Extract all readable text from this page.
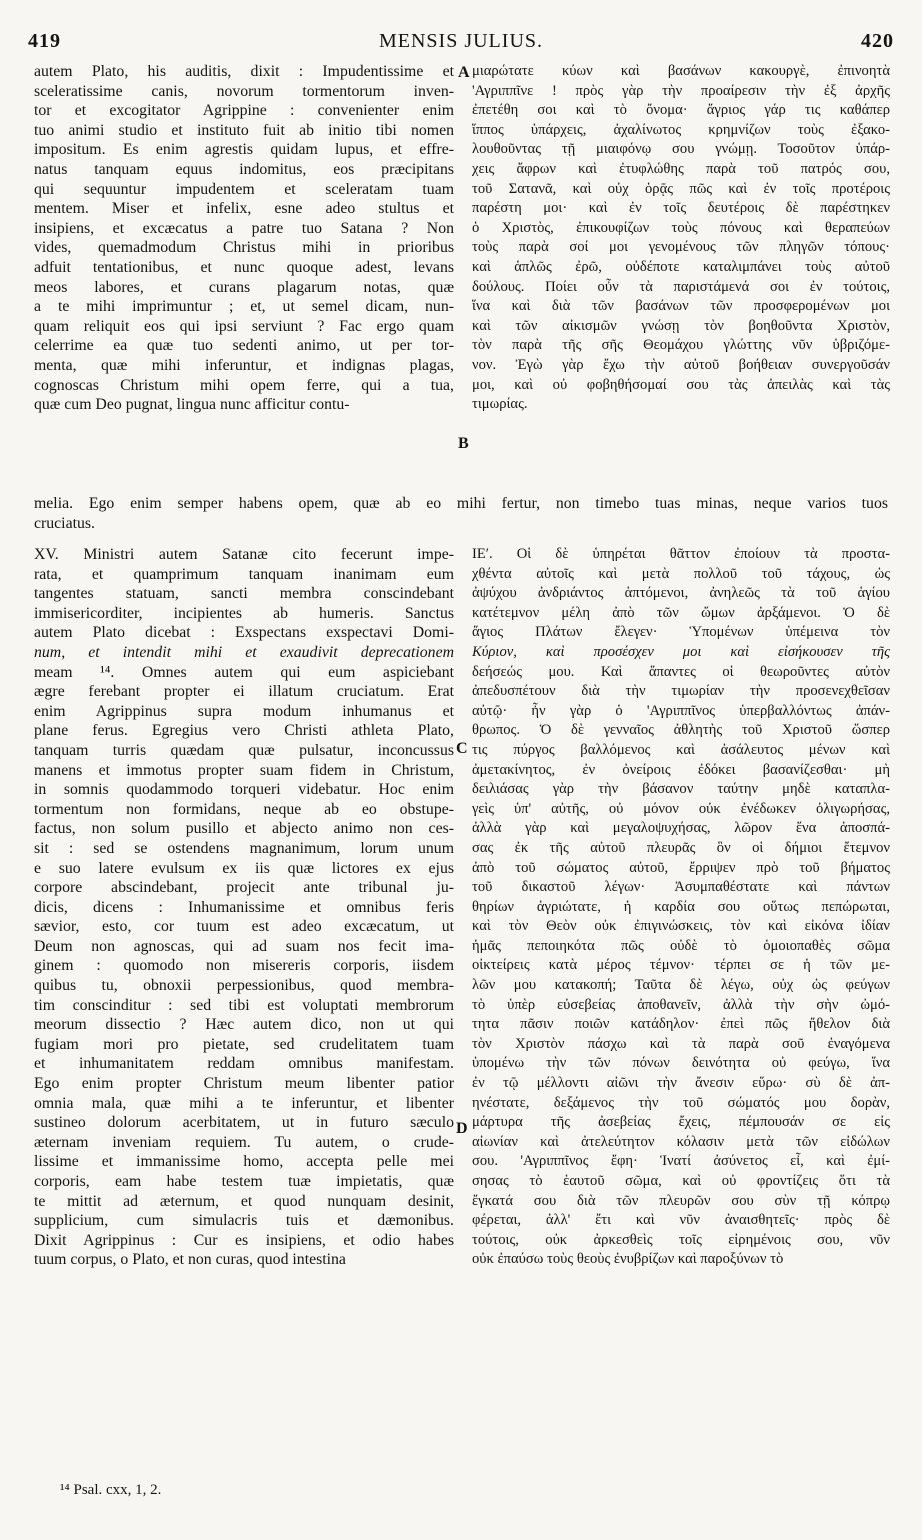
419	MENSIS JULIUS.	420
autem Plato, his auditis, dixit : Impudentissime et
sceleratissime canis, novorum tormentorum inven-
tor et excogitator Agrippine : convenienter enim
tuo animi studio et instituto fuit ab initio tibi nomen
impositum. Es enim agrestis quidam lupus, et effre-
natus tanquam equus indomitus, eos præcipitans
qui sequuntur impudentem et sceleratam tuam
mentem. Miser et infelix, esne adeo stultus et
insipiens, et excæcatus a patre tuo Satana ? Non
vides, quemadmodum Christus mihi in prioribus
adfuit tentationibus, et nunc quoque adest, levans
meos labores, et curans plagarum notas, quæ
a te mihi imprimuntur ; et, ut semel dicam, nun-
quam reliquit eos qui ipsi serviunt ? Fac ergo quam
celerrime ea quæ tuo sedenti animo, ut per tor-
menta, quæ mihi inferuntur, et indignas plagas,
cognoscas Christum mihi opem ferre, qui a tua,
quæ cum Deo pugnat, lingua nunc afficitur contu-
μιαρώτατε κύων καὶ βασάνων κακουργὲ, ἐπινοητὰ
'Αγριππῖνε ! πρὸς γὰρ τὴν προαίρεσιν τὴν ἐξ ἀρχῆς
ἐπετέθη σοι καὶ τὸ ὄνομα· ἄγριος γάρ τις καθάπερ
ἵππος ὑπάρχεις, ἀχαλίνωτος κρημνίζων τοὺς ἐξακο-
λουθοῦντας τῇ μιαιφόνῳ σου γνώμῃ. Τοσοῦτον ὑπάρ-
χεις ἄφρων καὶ ἐτυφλώθης παρὰ τοῦ πατρός σου,
τοῦ Σατανᾶ, καὶ οὐχ ὁρᾷς πῶς καὶ ἐν τοῖς προτέροις
παρέστη μοι· καὶ ἐν τοῖς δευτέροις δὲ παρέστηκεν
ὁ Χριστὸς, ἐπικουφίζων τοὺς πόνους καὶ θεραπεύων
τοὺς παρὰ σοί μοι γενομένους τῶν πληγῶν τόπους·
καὶ ἁπλῶς ἐρῶ, οὐδέποτε καταλιμπάνει τοὺς αὐτοῦ
δούλους. Ποίει οὖν τὰ παριστάμενά σοι ἐν τούτοις,
ἵνα καὶ διὰ τῶν βασάνων τῶν προσφερομένων μοι
καὶ τῶν αἰκισμῶν γνώσῃ τὸν βοηθοῦντα Χριστὸν,
τὸν παρὰ τῆς σῆς Θεομάχου γλώττης νῦν ὑβριζόμε-
νον. Ἐγὼ γὰρ ἔχω τὴν αὐτοῦ βοήθειαν συνεργοῦσάν
μοι, καὶ οὐ φοβηθήσομαί σου τὰς ἀπειλὰς καὶ τὰς
τιμωρίας.
melia. Ego enim semper habens opem, quæ ab eo mihi fertur, non timebo tuas minas, neque varios tuos
cruciatus.
XV. Ministri autem Satanæ cito fecerunt impe-
rata, et quamprimum tanquam inanimam eum
tangentes statuam, sancti membra conscindebant
immisericorditer, incipientes ab humeris. Sanctus
autem Plato dicebat : Exspectans exspectavi Domi-
num, et intendit mihi et exaudivit deprecationem
meam ¹⁴. Omnes autem qui eum aspiciebant
ægre ferebant propter ei illatum cruciatum. Erat
enim Agrippinus supra modum inhumanus et
plane ferus. Egregius vero Christi athleta Plato,
tanquam turris quædam quæ pulsatur, inconcussus
manens et immotus propter suam fidem in Christum,
in somnis quodammodo torqueri videbatur. Hoc enim
tormentum non formidans, neque ab eo obstupe-
factus, non solum pusillo et abjecto animo non ces-
sit : sed se ostendens magnanimum, lorum unum
e suo latere evulsum ex iis quæ lictores ex ejus
corpore abscindebant, projecit ante tribunal ju-
dicis, dicens : Inhumanissime et omnibus feris
sævior, esto, cor tuum est adeo excæcatum, ut
Deum non agnoscas, qui ad suam nos fecit ima-
ginem : quomodo non misereris corporis, iisdem
quibus tu, obnoxii perpessionibus, quod membra-
tim conscinditur : sed tibi est voluptati membrorum
meorum dissectio ? Hæc autem dico, non ut qui
fugiam mori pro pietate, sed crudelitatem tuam
et inhumanitatem reddam omnibus manifestam.
Ego enim propter Christum meum libenter patior
omnia mala, quæ mihi a te inferuntur, et libenter
sustineo dolorum acerbitatem, ut in futuro sæculo
æternam inveniam requiem. Tu autem, o crude-
lissime et immanissime homo, accepta pelle mei
corporis, eam habe testem tuæ impietatis, quæ
te mittit ad æternum, et quod nunquam desinit,
supplicium, cum simulacris tuis et dæmonibus.
Dixit Agrippinus : Cur es insipiens, et odio habes
tuum corpus, o Plato, et non curas, quod intestina
ΙΕʹ. Οἱ δὲ ὑπηρέται θᾶττον ἐποίουν τὰ προστα-
χθέντα αὐτοῖς καὶ μετὰ πολλοῦ τοῦ τάχους, ὡς
ἀψύχου ἀνδριάντος ἁπτόμενοι, ἀνηλεῶς τὰ τοῦ ἁγίου
κατέτεμνον μέλη ἀπὸ τῶν ὤμων ἀρξάμενοι. Ὁ δὲ
ἅγιος Πλάτων ἔλεγεν· Ὑπομένων ὑπέμεινα τὸν
Κύριον, καὶ προσέσχεν μοι καὶ εἰσήκουσεν τῆς
δεήσεώς μου. Καὶ ἅπαντες οἱ θεωροῦντες αὐτὸν
ἀπεδυσπέτουν διὰ τὴν τιμωρίαν τὴν προσενεχθεῖσαν
αὐτῷ· ἦν γὰρ ὁ 'Αγριππῖνος ὑπερβαλλόντως ἀπάν-
θρωπος. Ὁ δὲ γενναῖος ἀθλητὴς τοῦ Χριστοῦ ὥσπερ
τις πύργος βαλλόμενος καὶ ἀσάλευτος μένων καὶ
ἀμετακίνητος, ἐν ὀνείροις ἐδόκει βασανίζεσθαι· μὴ
δειλιάσας γὰρ τὴν βάσανον ταύτην μηδὲ καταπλα-
γεὶς ὑπ' αὐτῆς, οὐ μόνον οὐκ ἐνέδωκεν ὀλιγωρήσας,
ἀλλὰ γὰρ καὶ μεγαλοψυχήσας, λῶρον ἕνα ἀποσπά-
σας ἐκ τῆς αὐτοῦ πλευρᾶς ὃν οἱ δήμιοι ἔτεμνον
ἀπὸ τοῦ σώματος αὐτοῦ, ἔρριψεν πρὸ τοῦ βήματος
τοῦ δικαστοῦ λέγων· Ἀσυμπαθέστατε καὶ πάντων
θηρίων ἀγριώτατε, ἡ καρδία σου οὕτως πεπώρωται,
καὶ τὸν Θεὸν οὐκ ἐπιγινώσκεις, τὸν καὶ εἰκόνα ἰδίαν
ἡμᾶς πεποιηκότα πῶς οὐδὲ τὸ ὁμοιοπαθὲς σῶμα
οἰκτείρεις κατὰ μέρος τέμνον· τέρπει σε ἡ τῶν με-
λῶν μου κατακοπή; Ταῦτα δὲ λέγω, οὐχ ὡς φεύγων
τὸ ὑπὲρ εὐσεβείας ἀποθανεῖν, ἀλλὰ τὴν σὴν ὠμό-
τητα πᾶσιν ποιῶν κατάδηλον· ἐπεὶ πῶς ἤθελον διὰ
τὸν Χριστὸν πάσχω καὶ τὰ παρὰ σοῦ ἐναγόμενα
ὑπομένω τὴν τῶν πόνων δεινότητα οὐ φεύγω, ἵνα
ἐν τῷ μέλλοντι αἰῶνι τὴν ἄνεσιν εὕρω· σὺ δὲ ἀπ-
ηνέστατε, δεξάμενος τὴν τοῦ σώματός μου δορὰν,
μάρτυρα τῆς ἀσεβείας ἔχεις, πέμπουσάν σε εἰς
αἰωνίαν καὶ ἀτελεύτητον κόλασιν μετὰ τῶν εἰδώλων
σου. 'Αγριππῖνος ἔφη· Ἱνατί ἀσύνετος εἶ, καὶ ἐμί-
σησας τὸ ἑαυτοῦ σῶμα, καὶ οὐ φροντίζεις ὅτι τὰ
ἔγκατά σου διὰ τῶν πλευρῶν σου σὺν τῇ κόπρῳ
φέρεται, ἀλλ' ἔτι καὶ νῦν ἀναισθητεῖς· πρὸς δὲ
τούτοις, οὐκ ἀρκεσθεὶς τοῖς εἰρημένοις σου, νῦν
οὐκ ἐπαύσω τοὺς θεοὺς ἐνυβρίζων καὶ παροξύνων τὸ
A
B
C
D
¹⁴ Psal. cxx, 1, 2.
